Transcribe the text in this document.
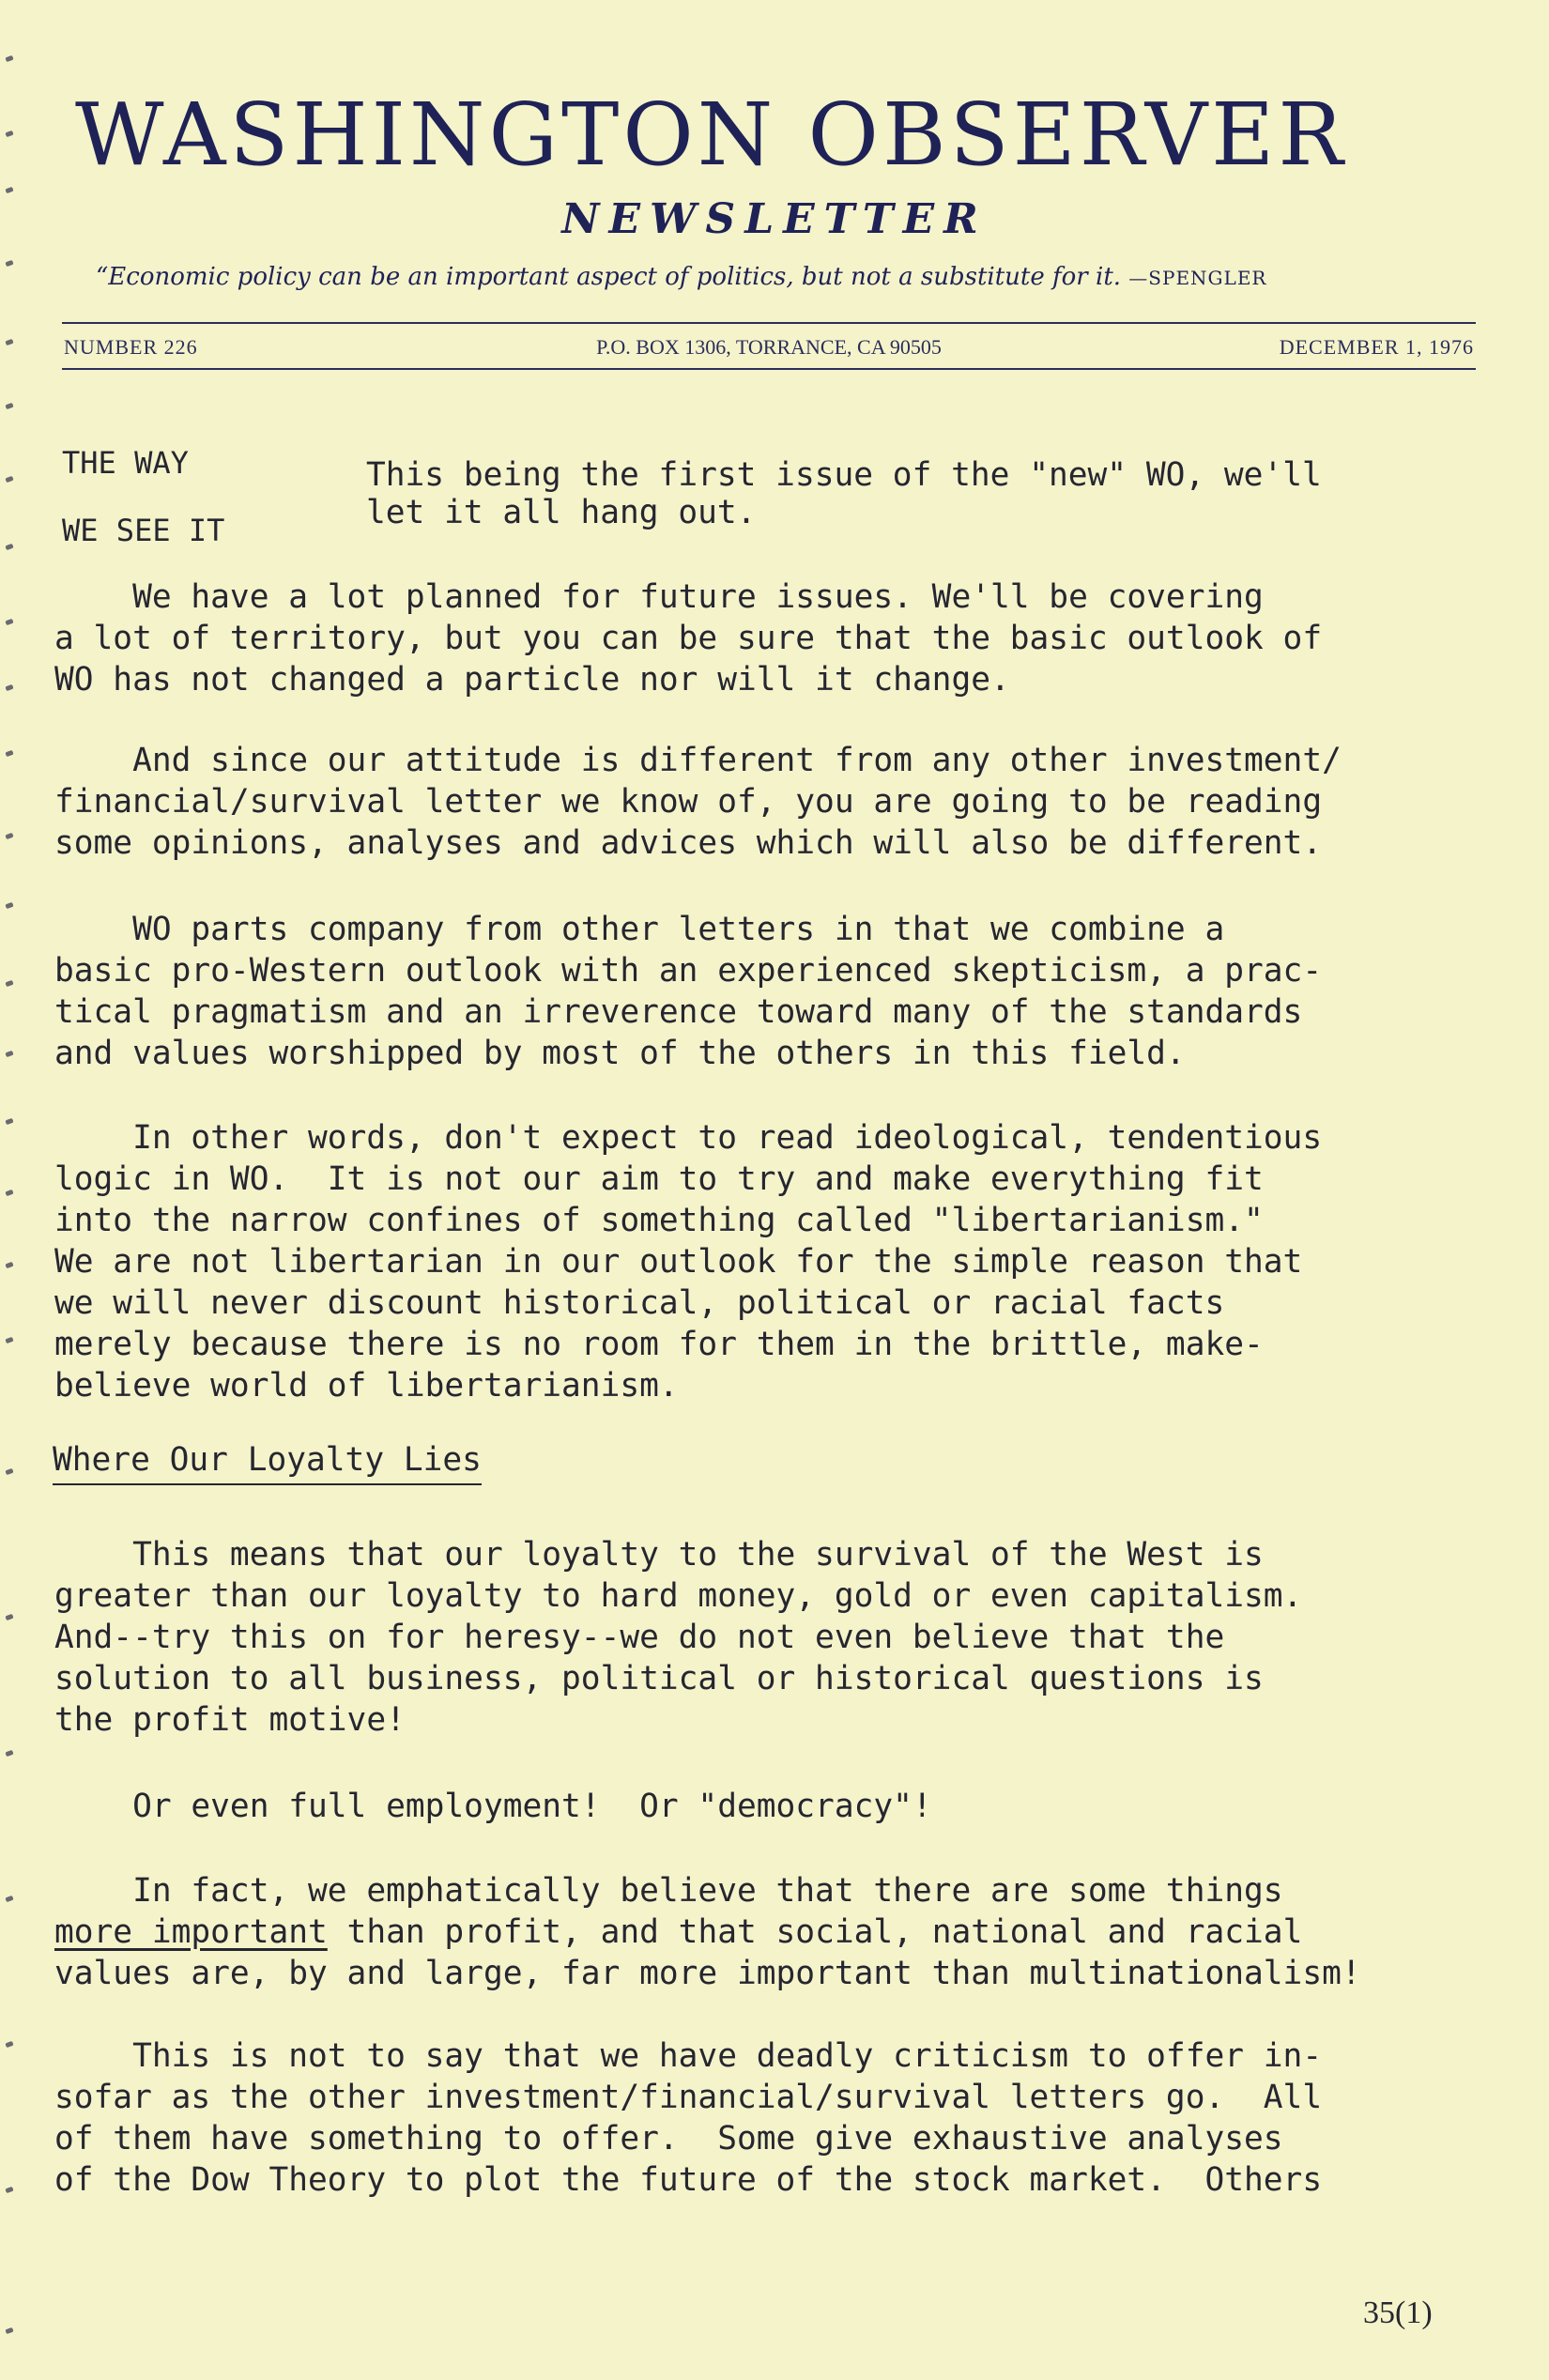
WASHINGTON OBSERVER
NEWSLETTER
“Economic policy can be an important aspect of politics, but not a substitute for it. —SPENGLER
NUMBER 226	P.O. BOX 1306, TORRANCE, CA 90505	DECEMBER 1, 1976
THE WAY
WE SEE IT
This being the first issue of the "new" WO, we'll
let it all hang out.
We have a lot planned for future issues. We'll be covering
a lot of territory, but you can be sure that the basic outlook of
WO has not changed a particle nor will it change.
And since our attitude is different from any other investment/
financial/survival letter we know of, you are going to be reading
some opinions, analyses and advices which will also be different.
WO parts company from other letters in that we combine a
basic pro-Western outlook with an experienced skepticism, a prac-
tical pragmatism and an irreverence toward many of the standards
and values worshipped by most of the others in this field.
In other words, don't expect to read ideological, tendentious
logic in WO.  It is not our aim to try and make everything fit
into the narrow confines of something called "libertarianism."
We are not libertarian in our outlook for the simple reason that
we will never discount historical, political or racial facts
merely because there is no room for them in the brittle, make-
believe world of libertarianism.
Where Our Loyalty Lies
This means that our loyalty to the survival of the West is
greater than our loyalty to hard money, gold or even capitalism.
And--try this on for heresy--we do not even believe that the
solution to all business, political or historical questions is
the profit motive!
Or even full employment!  Or "democracy"!
In fact, we emphatically believe that there are some things
more important than profit, and that social, national and racial
values are, by and large, far more important than multinationalism!
This is not to say that we have deadly criticism to offer in-
sofar as the other investment/financial/survival letters go.  All
of them have something to offer.  Some give exhaustive analyses
of the Dow Theory to plot the future of the stock market.  Others
35(1)
